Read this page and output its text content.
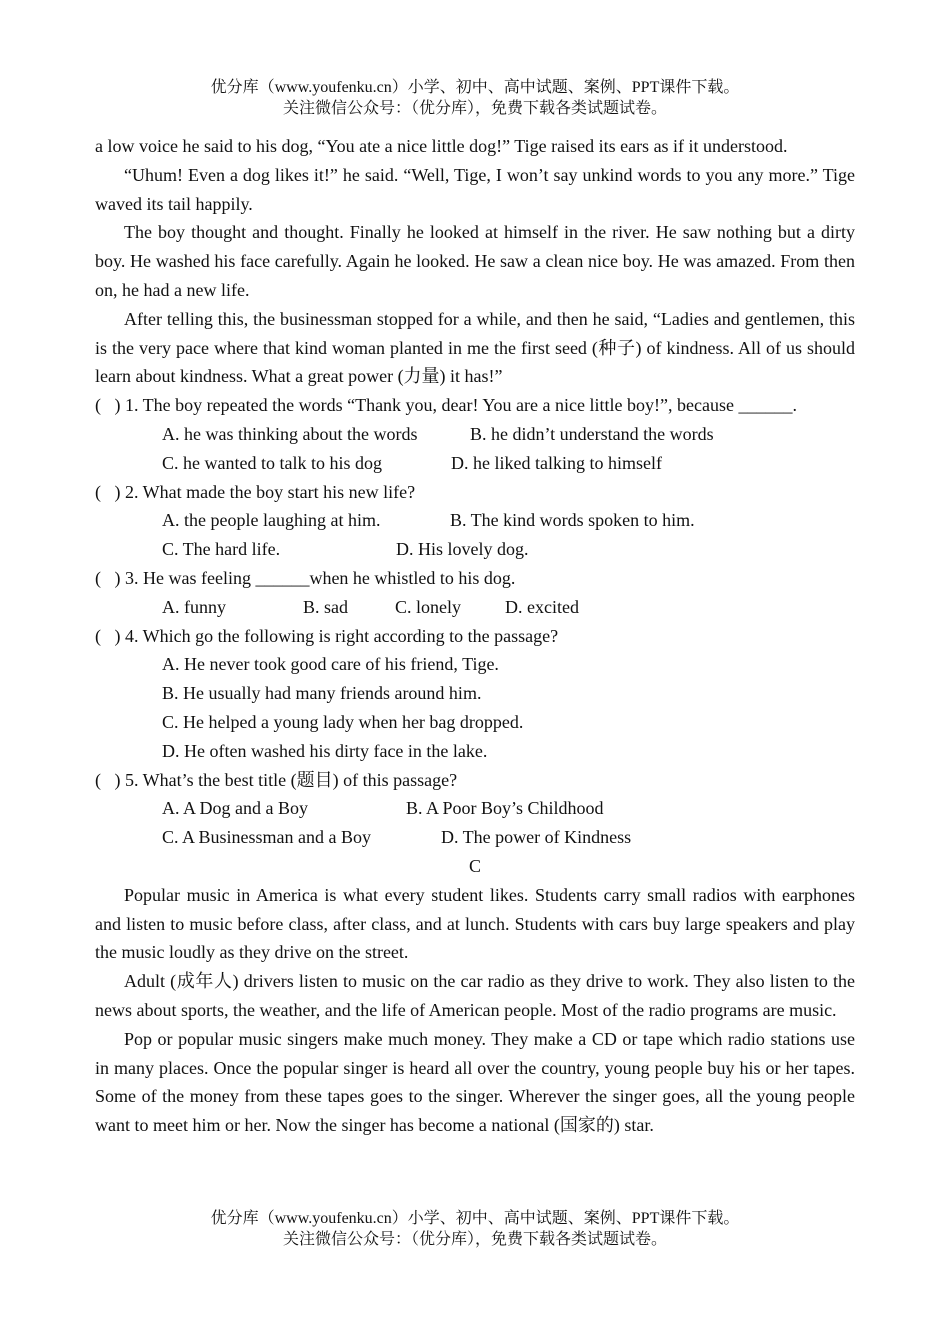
优分库（www.youfenku.cn）小学、初中、高中试题、案例、PPT课件下载。
关注微信公众号：（优分库），免费下载各类试题试卷。

a low voice he said to his dog, “You ate a nice little dog!” Tige raised its ears as if it understood.

“Uhum! Even a dog likes it!” he said. “Well, Tige, I won’t say unkind words to you any more.” Tige waved its tail happily.

The boy thought and thought. Finally he looked at himself in the river. He saw nothing but a dirty boy. He washed his face carefully. Again he looked. He saw a clean nice boy. He was amazed. From then on, he had a new life.

After telling this, the businessman stopped for a while, and then he said, “Ladies and gentlemen, this is the very pace where that kind woman planted in me the first seed (种子) of kindness. All of us should learn about kindness. What a great power (力量) it has!”

(   ) 1. The boy repeated the words “Thank you, dear! You are a nice little boy!”, because ______.

A. he was thinking about the words	B. he didn’t understand the words

C. he wanted to talk to his dog	D. he liked talking to himself

(   ) 2. What made the boy start his new life?

A. the people laughing at him.	B. The kind words spoken to him.

C. The hard life.	D. His lovely dog.

(   ) 3. He was feeling ______when he whistled to his dog.

A. funny	B. sad	C. lonely D. excited

(   ) 4. Which go the following is right according to the passage?

A. He never took good care of his friend, Tige.

B. He usually had many friends around him.

C. He helped a young lady when her bag dropped.

D. He often washed his dirty face in the lake.

(   ) 5. What’s the best title (题目) of this passage?

A. A Dog and a Boy	B. A Poor Boy’s Childhood

C. A Businessman and a Boy	D. The power of Kindness

C

Popular music in America is what every student likes. Students carry small radios with earphones and listen to music before class, after class, and at lunch. Students with cars buy large speakers and play the music loudly as they drive on the street.

Adult (成年人) drivers listen to music on the car radio as they drive to work. They also listen to the news about sports, the weather, and the life of American people. Most of the radio programs are music.

Pop or popular music singers make much money. They make a CD or tape which radio stations use in many places. Once the popular singer is heard all over the country, young people buy his or her tapes. Some of the money from these tapes goes to the singer. Wherever the singer goes, all the young people want to meet him or her. Now the singer has become a national (国家的) star.

优分库（www.youfenku.cn）小学、初中、高中试题、案例、PPT课件下载。
关注微信公众号：（优分库），免费下载各类试题试卷。
